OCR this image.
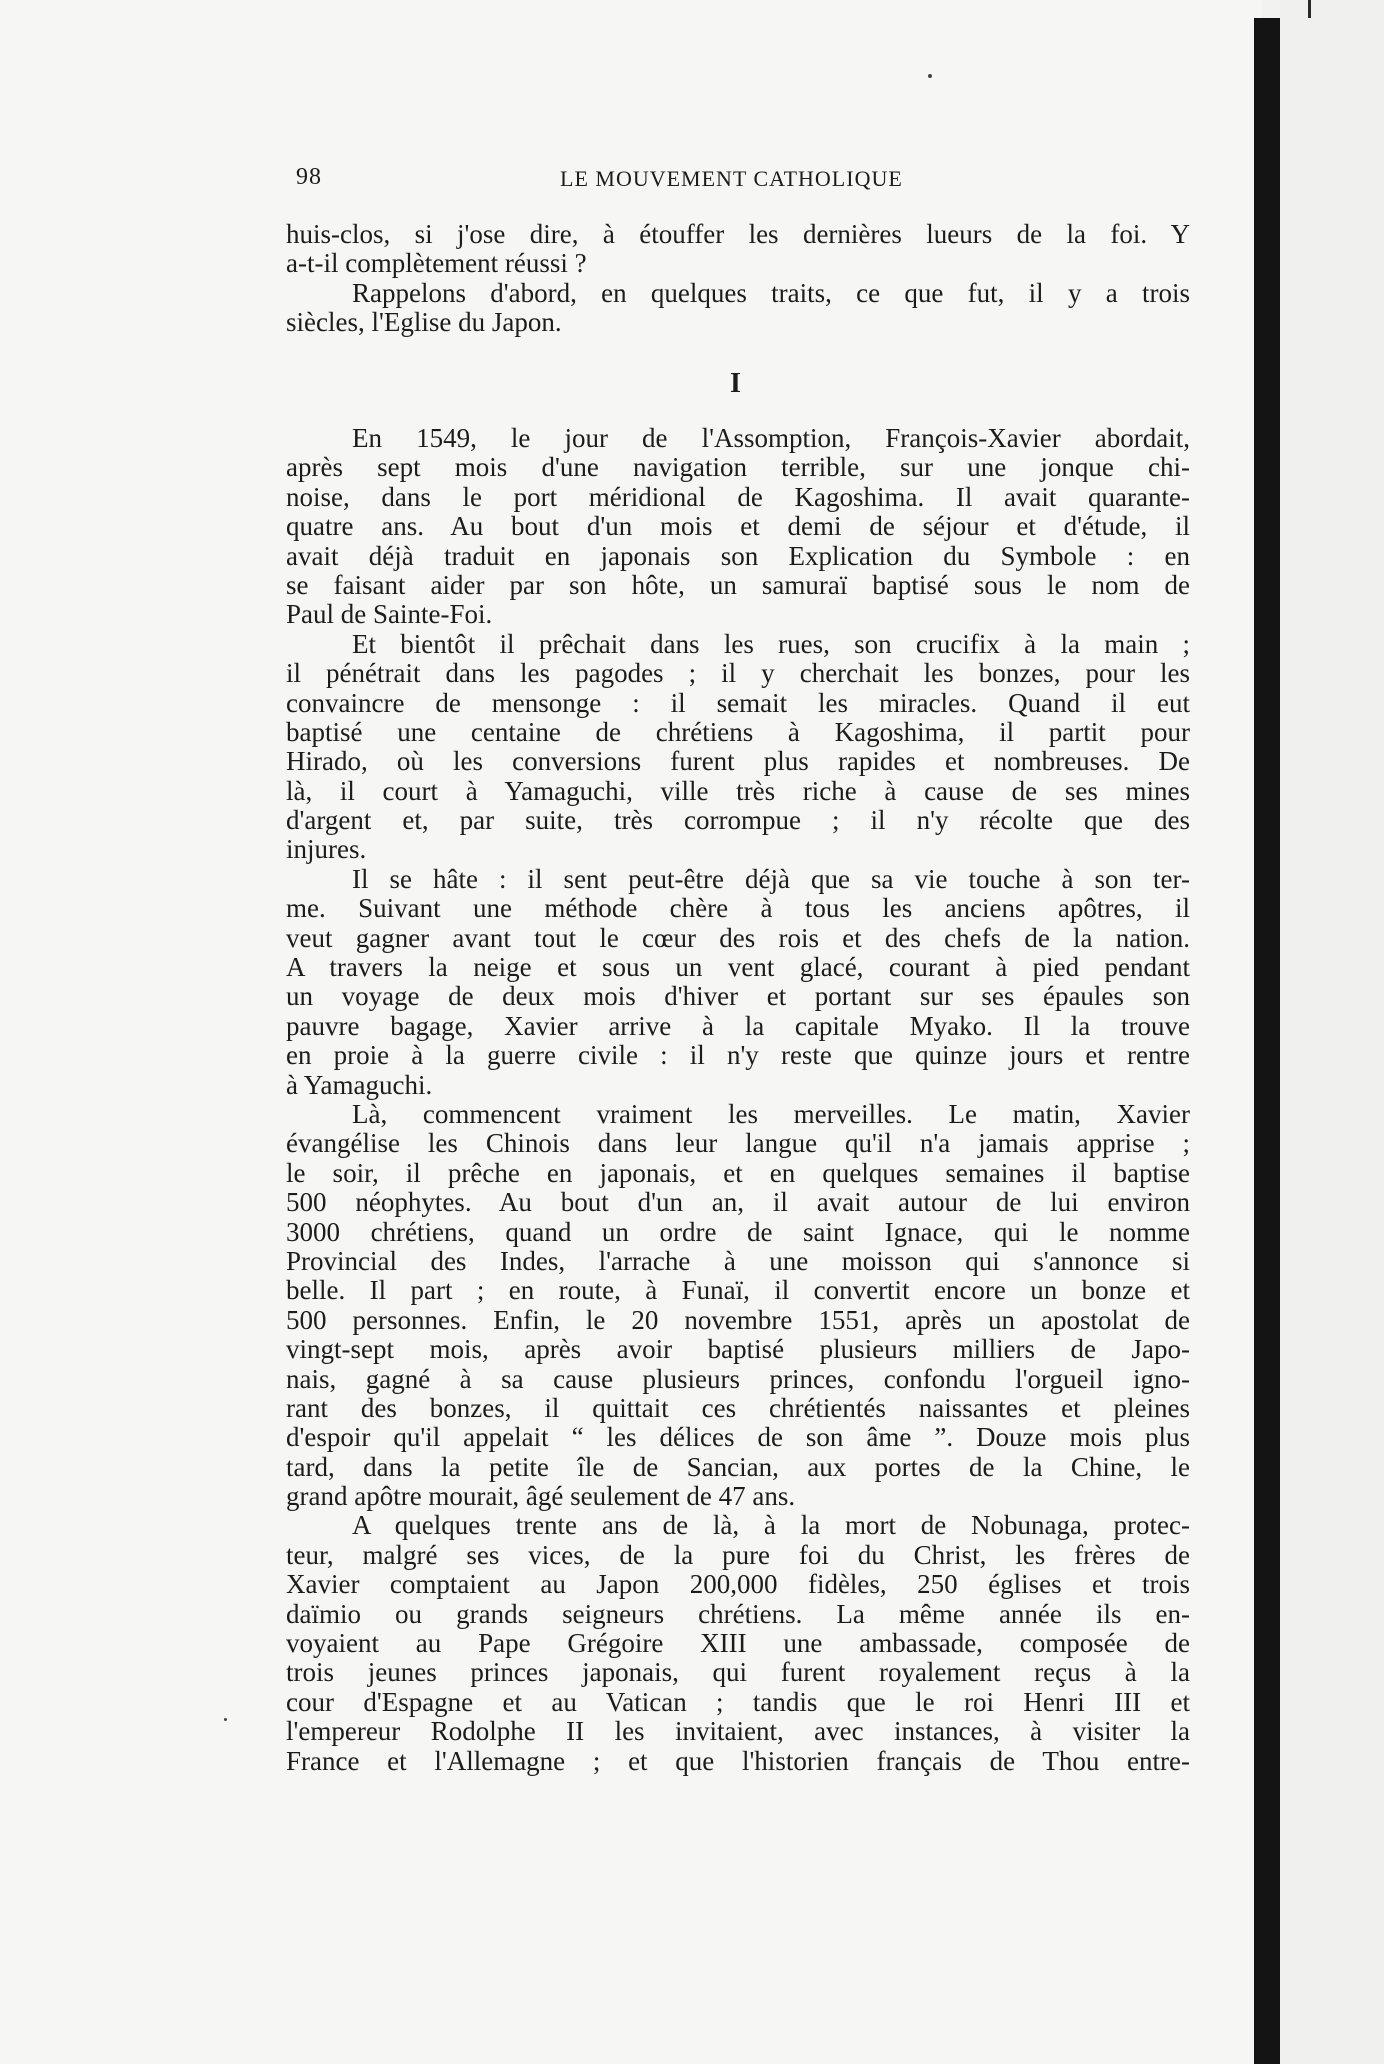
98	LE MOUVEMENT CATHOLIQUE
huis-clos, si j'ose dire, à étouffer les dernières lueurs de la foi. Y
a-t-il complètement réussi ?
Rappelons d'abord, en quelques traits, ce que fut, il y a trois
siècles, l'Eglise du Japon.
I
En 1549, le jour de l'Assomption, François-Xavier abordait,
après sept mois d'une navigation terrible, sur une jonque chi-
noise, dans le port méridional de Kagoshima. Il avait quarante-
quatre ans. Au bout d'un mois et demi de séjour et d'étude, il
avait déjà traduit en japonais son Explication du Symbole : en
se faisant aider par son hôte, un samuraï baptisé sous le nom de
Paul de Sainte-Foi.
Et bientôt il prêchait dans les rues, son crucifix à la main ;
il pénétrait dans les pagodes ; il y cherchait les bonzes, pour les
convaincre de mensonge : il semait les miracles. Quand il eut
baptisé une centaine de chrétiens à Kagoshima, il partit pour
Hirado, où les conversions furent plus rapides et nombreuses. De
là, il court à Yamaguchi, ville très riche à cause de ses mines
d'argent et, par suite, très corrompue ; il n'y récolte que des
injures.
Il se hâte : il sent peut-être déjà que sa vie touche à son ter-
me. Suivant une méthode chère à tous les anciens apôtres, il
veut gagner avant tout le cœur des rois et des chefs de la nation.
A travers la neige et sous un vent glacé, courant à pied pendant
un voyage de deux mois d'hiver et portant sur ses épaules son
pauvre bagage, Xavier arrive à la capitale Myako. Il la trouve
en proie à la guerre civile : il n'y reste que quinze jours et rentre
à Yamaguchi.
Là, commencent vraiment les merveilles. Le matin, Xavier
évangélise les Chinois dans leur langue qu'il n'a jamais apprise ;
le soir, il prêche en japonais, et en quelques semaines il baptise
500 néophytes. Au bout d'un an, il avait autour de lui environ
3000 chrétiens, quand un ordre de saint Ignace, qui le nomme
Provincial des Indes, l'arrache à une moisson qui s'annonce si
belle. Il part ; en route, à Funaï, il convertit encore un bonze et
500 personnes. Enfin, le 20 novembre 1551, après un apostolat de
vingt-sept mois, après avoir baptisé plusieurs milliers de Japo-
nais, gagné à sa cause plusieurs princes, confondu l'orgueil igno-
rant des bonzes, il quittait ces chrétientés naissantes et pleines
d'espoir qu'il appelait “ les délices de son âme ”. Douze mois plus
tard, dans la petite île de Sancian, aux portes de la Chine, le
grand apôtre mourait, âgé seulement de 47 ans.
A quelques trente ans de là, à la mort de Nobunaga, protec-
teur, malgré ses vices, de la pure foi du Christ, les frères de
Xavier comptaient au Japon 200,000 fidèles, 250 églises et trois
daïmio ou grands seigneurs chrétiens. La même année ils en-
voyaient au Pape Grégoire XIII une ambassade, composée de
trois jeunes princes japonais, qui furent royalement reçus à la
cour d'Espagne et au Vatican ; tandis que le roi Henri III et
l'empereur Rodolphe II les invitaient, avec instances, à visiter la
France et l'Allemagne ; et que l'historien français de Thou entre-
